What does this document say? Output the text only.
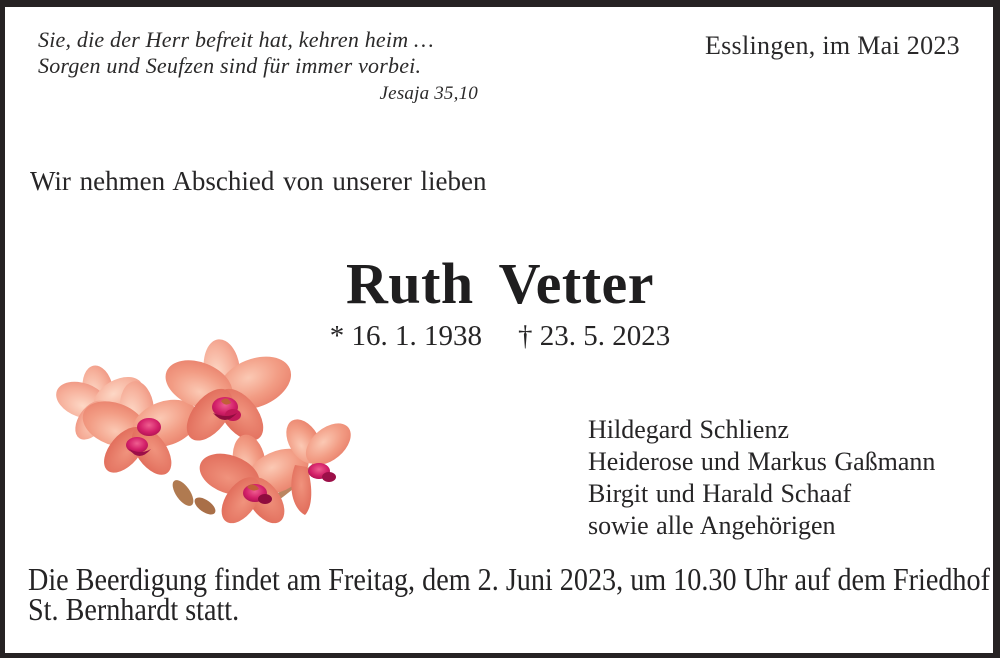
Sie, die der Herr befreit hat, kehren heim …
Sorgen und Seufzen sind für immer vorbei.
Jesaja 35,10
Esslingen, im Mai 2023
Wir nehmen Abschied von unserer lieben
Ruth Vetter
* 16. 1. 1938 † 23. 5. 2023
Hildegard Schlienz
Heiderose und Markus Gaßmann
Birgit und Harald Schaaf
sowie alle Angehörigen
Die Beerdigung findet am Freitag, dem 2. Juni 2023, um 10.30 Uhr auf dem Friedhof
St. Bernhardt statt.
